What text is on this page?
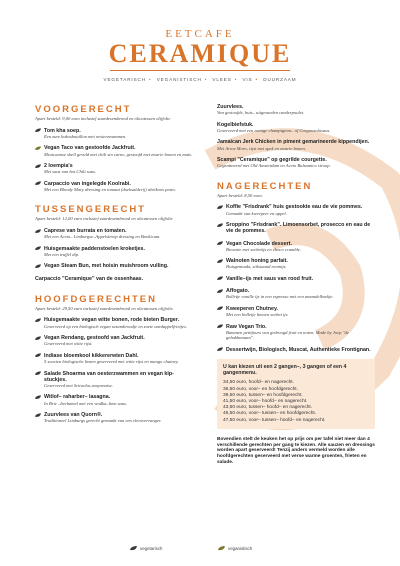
EETCAFE
CERAMIQUE
VEGETARISCH • VEGANISTISCH • VLEES • VIS • DUURZAAM
VOORGERECHT
Apart besteld: 9,00 euro inclusief zuurdesembrood en olicatessen olijfolie
Tom kha soep.
Een zure kokosbouillon met oesterzwammen.
Vegan Taco van gestoofde Jackfruit.
Mexicaanse shell gevuld met chili sin carne, gestoofd met zwarte bonen en mais.
2 loempia's
Met saus van hot Chili saus.
Carpaccio van ingelegde Koolrabi.
Met een Bloody Mary dressing en tomaat (doeksalderij) abrikoos pesto.
TUSSENGERECHT
Apart besteld: 12,00 euro inclusief zuurdesembrood en olicatessen olijfolie
Caprese van burrata en tomaten.
Met een Aceto– Limburgse–Appelstroop dressing en Basilicum.
Huisgemaakte paddenstoelen kroketjes.
Met een truffel dip.
Vegan Steam Bun, met hoisin muishroom vulling.
Carpaccio "Ceramique" van de ossenhaas.
HOOFDGERECHTEN
Apart besteld: 29,50 euro inclusief zuurdesembrood en olicatessen olijfolie.
Huisgemaakte vegan witte bonen, rode bieten Burger.
Geserveerd op een biologisch vegan sesambroodje en zoete aardappelfrietjes.
Vegan Rendang, gestoofd van Jackfruit.
Geserveerd met witte rijst.
Indiase bloemkool kikkererwten Dahl.
5 soorten biologische linzen geserveerd met witte rijst en mango chutney.
Salade Shoarma van oesterzwammen en vegan kip- stuckjes.
Geserveerd met Sriracha–mayonaise.
Witlof– raharber– lasagna.
In Brie –bechamel met een wodka–lime saus.
Zuurvlees van Quorn®.
Traditioneel Limburgs gerecht gemaakt van een vleesvervanger.
Zuurvlees.
Van gestoofde, huis– uitgesneden runderpoulet.
Kogelbiefstuk.
Geserveerd met een romige champignon– of Gorgonzolasaus.
Jamaican Jerk Chicken in piment gemarineerde kippendijen.
Met Arroz Moro, rijst met spek en zwarte bonen.
Scampi "Ceramique" op gegrilde courgette.
Gegratineerd met Old Amsterdam en Aceto Balsamico siroop.
NAGERECHTEN
Apart besteld: 8,50 euro.
Koffie "Frisdrank" huis gestookte eau de vie pommes.
Gemaakt van kweepeer en appel.
Sroppino "Frisdrank". Limoensorbet, prosecco en eau de vie de pommes.
Vegan Chocolade dessert.
Brownie met sorbetijs en choco crumble.
Walnoten honing parfait.
Huisgemaakt, stilstaand roomijs.
Vanille–ijs met saus van rood fruit.
Affogato.
Bolletje vanille ijs in een espresso met een amandelkoekje.
Kweeperen Chutney.
Met een bolletje limoen sorbet ijs.
Raw Vegan Trio.
Bananen petitfours van gedroogd fruit en noten. Made by Joep "de gebakbanaan".
Dessertwijn, Biologisch, Muscat, Authentieke Frontignan.
U kan kiezen uit een 2 gangen–, 3 gangen of een 4 gangenmenu.
34,50 euro, hoofd– en nagerecht.
36,50 euro, voor– en hoofdgerecht.
39,50 euro, tussen– en hoofdgerecht.
41,50 euro, voor– hoofd– en nagerecht.
43,50 euro, tussen– hoofd– en nagerecht.
45,50 euro, voor– tussen– en hoofdgerecht.
47,50 euro, voor– tussen– hoofd– en nagerecht.
Bovendien stelt de keuken het op prijs om per tafel niet meer dan 4 verschillende gerechten per gang te kiezen. Alle sauzen en dressings worden apart geserveerd! Tenzij anders vermeld worden alle hoofdgerechten geserveerd met verse warme groenten, frieten en salade.
vegetarisch	veganistisch
